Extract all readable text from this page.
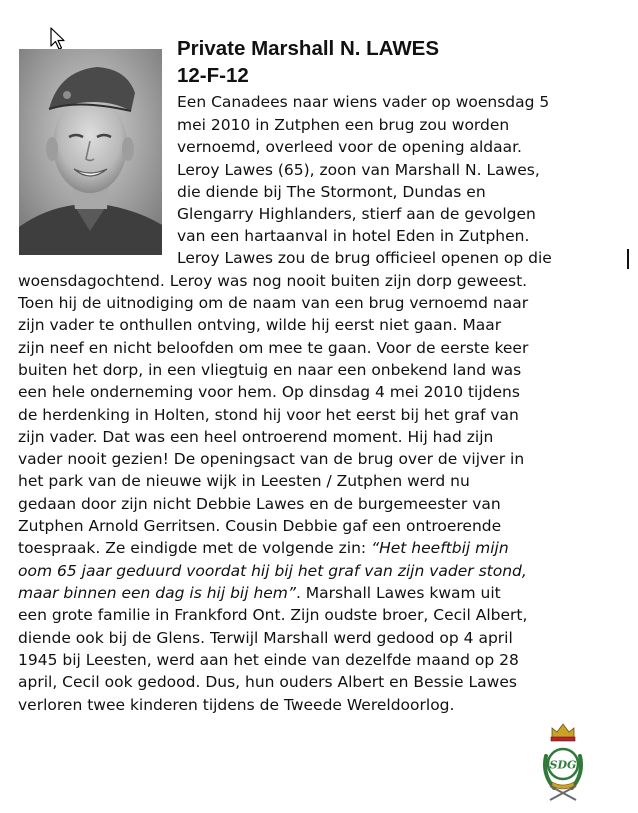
Private Marshall N. LAWES
12-F-12
Een Canadees naar wiens vader op woensdag 5
mei 2010 in Zutphen een brug zou worden
vernoemd, overleed voor de opening aldaar.
Leroy Lawes (65), zoon van Marshall N. Lawes,
die diende bij The Stormont, Dundas en
Glengarry Highlanders, stierf aan de gevolgen
van een hartaanval in hotel Eden in Zutphen.
Leroy Lawes zou de brug officieel openen op die
woensdagochtend. Leroy was nog nooit buiten zijn dorp geweest.
Toen hij de uitnodiging om de naam van een brug vernoemd naar
zijn vader te onthullen ontving, wilde hij eerst niet gaan. Maar
zijn neef en nicht beloofden om mee te gaan. Voor de eerste keer
buiten het dorp, in een vliegtuig en naar een onbekend land was
een hele onderneming voor hem. Op dinsdag 4 mei 2010 tijdens
de herdenking in Holten, stond hij voor het eerst bij het graf van
zijn vader. Dat was een heel ontroerend moment. Hij had zijn
vader nooit gezien! De openingsact van de brug over de vijver in
het park van de nieuwe wijk in Leesten / Zutphen werd nu
gedaan door zijn nicht Debbie Lawes en de burgemeester van
Zutphen Arnold Gerritsen. Cousin Debbie gaf een ontroerende
toespraak. Ze eindigde met de volgende zin: “Het heeftbij mijn
oom 65 jaar geduurd voordat hij bij het graf van zijn vader stond,
maar binnen een dag is hij bij hem”. Marshall Lawes kwam uit
een grote familie in Frankford Ont. Zijn oudste broer, Cecil Albert,
diende ook bij de Glens. Terwijl Marshall werd gedood op 4 april
1945 bij Leesten, werd aan het einde van dezelfde maand op 28
april, Cecil ook gedood. Dus, hun ouders Albert en Bessie Lawes
verloren twee kinderen tijdens de Tweede Wereldoorlog.
SDG
